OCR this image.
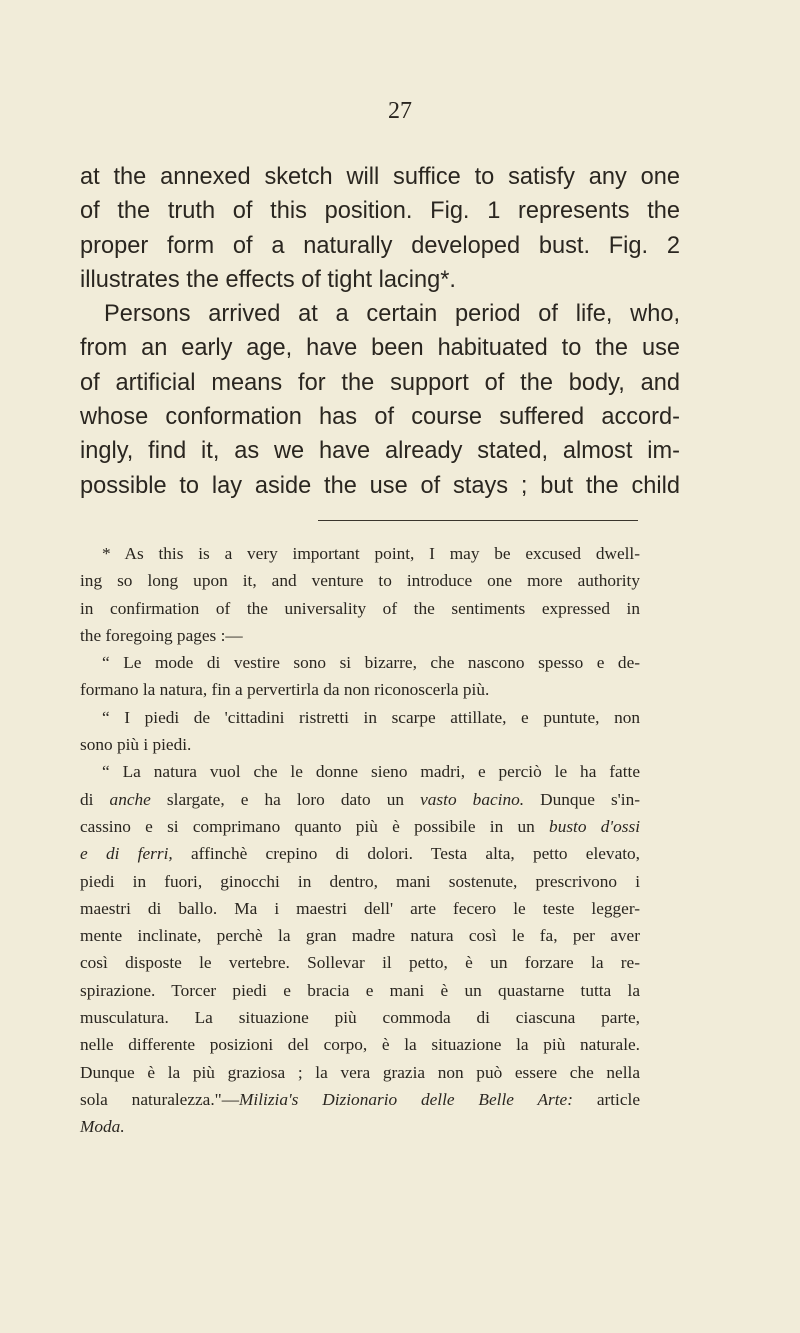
27
at the annexed sketch will suffice to satisfy any one
of the truth of this position. Fig. 1 represents the
proper form of a naturally developed bust. Fig. 2
illustrates the effects of tight lacing*.
Persons arrived at a certain period of life, who,
from an early age, have been habituated to the use
of artificial means for the support of the body, and
whose conformation has of course suffered accord-
ingly, find it, as we have already stated, almost im-
possible to lay aside the use of stays ; but the child
* As this is a very important point, I may be excused dwell-
ing so long upon it, and venture to introduce one more authority
in confirmation of the universality of the sentiments expressed in
the foregoing pages :—
“ Le mode di vestire sono si bizarre, che nascono spesso e de-
formano la natura, fin a pervertirla da non riconoscerla più.
“ I piedi de 'cittadini ristretti in scarpe attillate, e puntute, non
sono più i piedi.
“ La natura vuol che le donne sieno madri, e perciò le ha fatte
di anche slargate, e ha loro dato un vasto bacino. Dunque s'in-
cassino e si comprimano quanto più è possibile in un busto d'ossi
e di ferri, affinchè crepino di dolori. Testa alta, petto elevato,
piedi in fuori, ginocchi in dentro, mani sostenute, prescrivono i
maestri di ballo. Ma i maestri dell' arte fecero le teste legger-
mente inclinate, perchè la gran madre natura così le fa, per aver
così disposte le vertebre. Sollevar il petto, è un forzare la re-
spirazione. Torcer piedi e bracia e mani è un quastarne tutta la
musculatura. La situazione più commoda di ciascuna parte,
nelle differente posizioni del corpo, è la situazione la più naturale.
Dunque è la più graziosa ; la vera grazia non può essere che nella
sola naturalezza."—Milizia's Dizionario delle Belle Arte: article
Moda.
